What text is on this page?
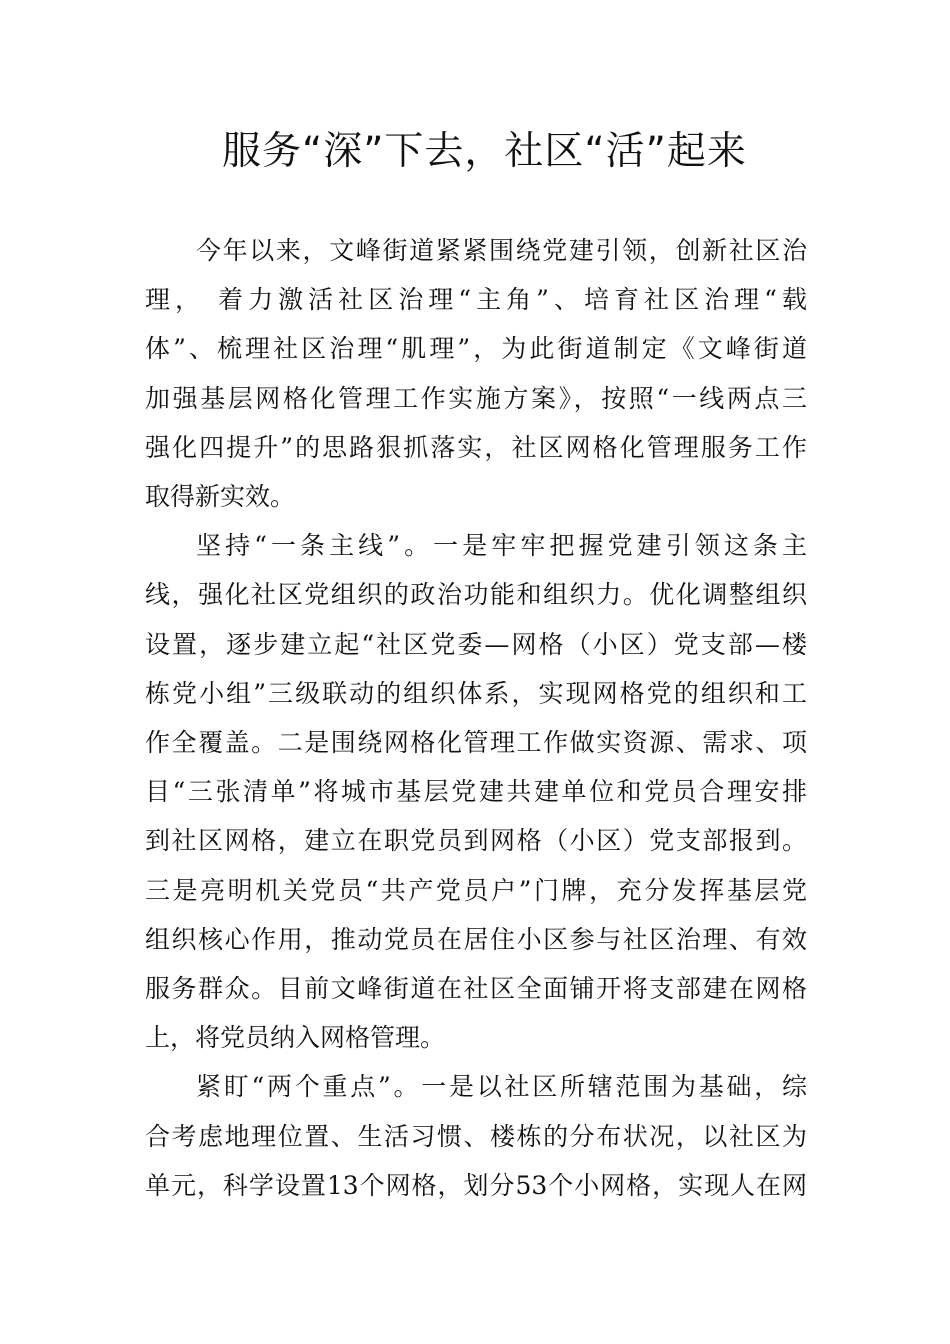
服务“深”下去，社区“活”起来

今年以来，文峰街道紧紧围绕党建引领，创新社区治
理， 着力激活社区治理“主角”、培育社区治理“载
体”、梳理社区治理“肌理”，为此街道制定《文峰街道
加强基层网格化管理工作实施方案》，按照“一线两点三
强化四提升”的思路狠抓落实，社区网格化管理服务工作
取得新实效。

坚持“一条主线”。一是牢牢把握党建引领这条主
线，强化社区党组织的政治功能和组织力。优化调整组织
设置，逐步建立起“社区党委—网格（小区）党支部—楼
栋党小组”三级联动的组织体系，实现网格党的组织和工
作全覆盖。二是围绕网格化管理工作做实资源、需求、项
目“三张清单”将城市基层党建共建单位和党员合理安排
到社区网格，建立在职党员到网格（小区）党支部报到。
三是亮明机关党员“共产党员户”门牌，充分发挥基层党
组织核心作用，推动党员在居住小区参与社区治理、有效
服务群众。目前文峰街道在社区全面铺开将支部建在网格
上，将党员纳入网格管理。

紧盯“两个重点”。一是以社区所辖范围为基础，综
合考虑地理位置、生活习惯、楼栋的分布状况，以社区为
单元，科学设置13个网格，划分53个小网格，实现人在网
